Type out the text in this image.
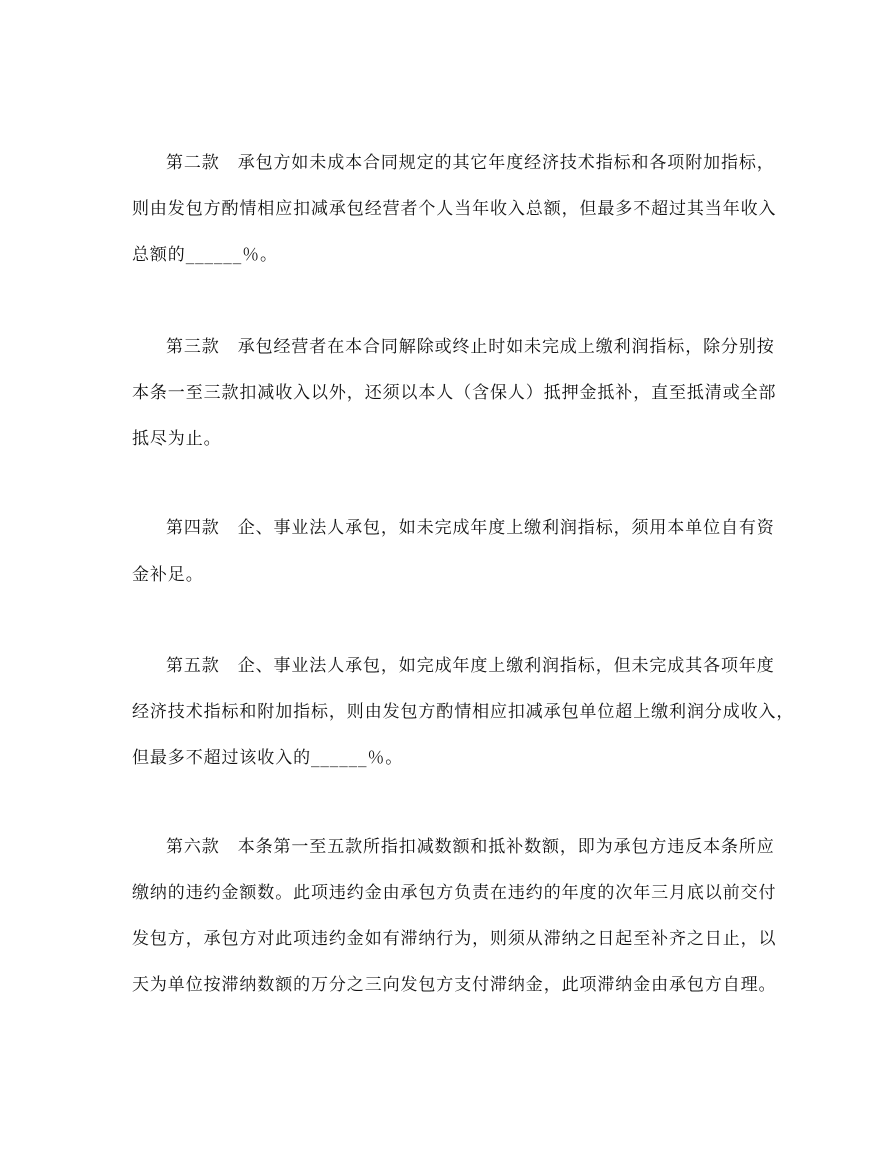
第二款 承包方如未成本合同规定的其它年度经济技术指标和各项附加指标，
则由发包方酌情相应扣减承包经营者个人当年收入总额，但最多不超过其当年收入
总额的______％。
第三款 承包经营者在本合同解除或终止时如未完成上缴利润指标，除分别按
本条一至三款扣减收入以外，还须以本人（含保人）抵押金抵补，直至抵清或全部
抵尽为止。
第四款 企、事业法人承包，如未完成年度上缴利润指标，须用本单位自有资
金补足。
第五款 企、事业法人承包，如完成年度上缴利润指标，但未完成其各项年度
经济技术指标和附加指标，则由发包方酌情相应扣减承包单位超上缴利润分成收入，
但最多不超过该收入的______％。
第六款 本条第一至五款所指扣减数额和抵补数额，即为承包方违反本条所应
缴纳的违约金额数。此项违约金由承包方负责在违约的年度的次年三月底以前交付
发包方，承包方对此项违约金如有滞纳行为，则须从滞纳之日起至补齐之日止，以
天为单位按滞纳数额的万分之三向发包方支付滞纳金，此项滞纳金由承包方自理。
